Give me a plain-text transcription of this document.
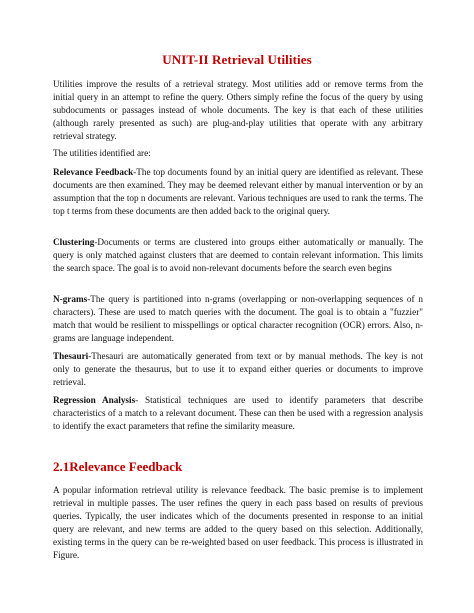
UNIT-II Retrieval Utilities

Utilities improve the results of a retrieval strategy. Most utilities add or remove terms from the initial query in an attempt to refine the query. Others simply refine the focus of the query by using subdocuments or passages instead of whole documents. The key is that each of these utilities (although rarely presented as such) are plug-and-play utilities that operate with any arbitrary retrieval strategy.

The utilities identified are:

Relevance Feedback-The top documents found by an initial query are identified as relevant. These documents are then examined. They may be deemed relevant either by manual intervention or by an assumption that the top n documents are relevant. Various techniques are used to rank the terms. The top t terms from these documents are then added back to the original query.

Clustering-Documents or terms are clustered into groups either automatically or manually. The query is only matched against clusters that are deemed to contain relevant information. This limits the search space. The goal is to avoid non-relevant documents before the search even begins

N-grams-The query is partitioned into n-grams (overlapping or non-overlapping sequences of n characters). These are used to match queries with the document. The goal is to obtain a "fuzzier" match that would be resilient to misspellings or optical character recognition (OCR) errors. Also, n-grams are language independent.

Thesauri-Thesauri are automatically generated from text or by manual methods. The key is not only to generate the thesaurus, but to use it to expand either queries or documents to improve retrieval.

Regression Analysis- Statistical techniques are used to identify parameters that describe characteristics of a match to a relevant document. These can then be used with a regression analysis to identify the exact parameters that refine the similarity measure.

2.1Relevance Feedback

A popular information retrieval utility is relevance feedback. The basic premise is to implement retrieval in multiple passes. The user refines the query in each pass based on results of previous queries. Typically, the user indicates which of the documents presented in response to an initial query are relevant, and new terms are added to the query based on this selection. Additionally, existing terms in the query can be re-weighted based on user feedback. This process is illustrated in Figure.
